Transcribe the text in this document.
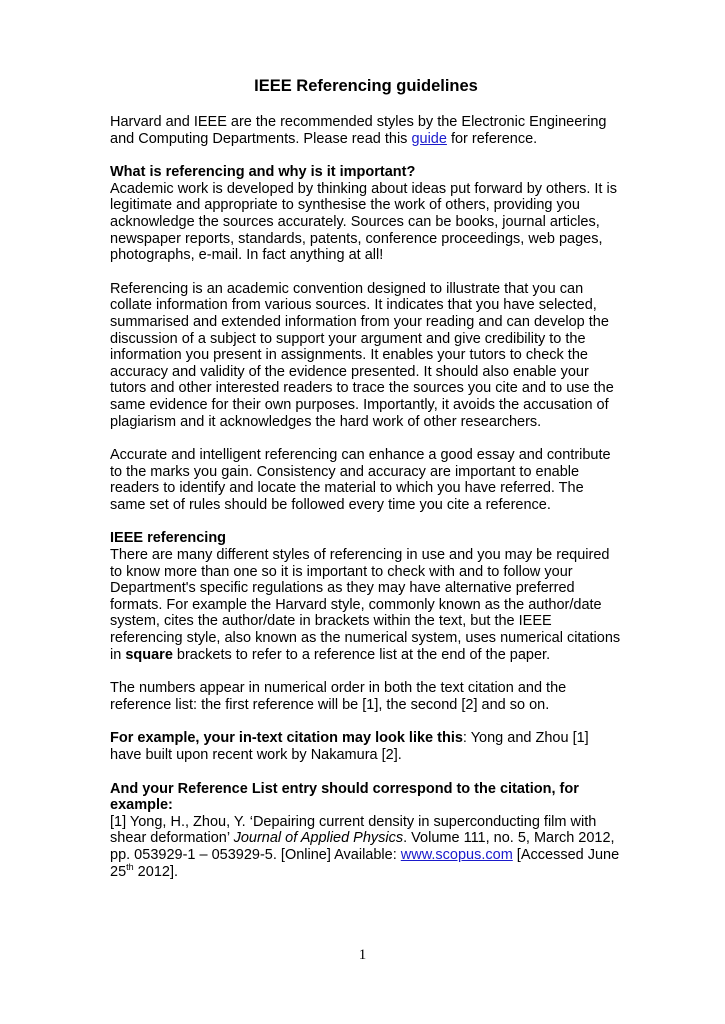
IEEE Referencing guidelines

Harvard and IEEE are the recommended styles by the Electronic Engineering and Computing Departments. Please read this guide for reference.

What is referencing and why is it important?
Academic work is developed by thinking about ideas put forward by others. It is legitimate and appropriate to synthesise the work of others, providing you acknowledge the sources accurately. Sources can be books, journal articles, newspaper reports, standards, patents, conference proceedings, web pages, photographs, e-mail. In fact anything at all!

Referencing is an academic convention designed to illustrate that you can collate information from various sources. It indicates that you have selected, summarised and extended information from your reading and can develop the discussion of a subject to support your argument and give credibility to the information you present in assignments. It enables your tutors to check the accuracy and validity of the evidence presented. It should also enable your tutors and other interested readers to trace the sources you cite and to use the same evidence for their own purposes. Importantly, it avoids the accusation of plagiarism and it acknowledges the hard work of other researchers.

Accurate and intelligent referencing can enhance a good essay and contribute to the marks you gain. Consistency and accuracy are important to enable readers to identify and locate the material to which you have referred. The same set of rules should be followed every time you cite a reference.

IEEE referencing
There are many different styles of referencing in use and you may be required to know more than one so it is important to check with and to follow your Department's specific regulations as they may have alternative preferred formats. For example the Harvard style, commonly known as the author/date system, cites the author/date in brackets within the text, but the IEEE referencing style, also known as the numerical system, uses numerical citations in square brackets to refer to a reference list at the end of the paper.

The numbers appear in numerical order in both the text citation and the reference list: the first reference will be [1], the second [2] and so on.

For example, your in-text citation may look like this: Yong and Zhou [1] have built upon recent work by Nakamura [2].

And your Reference List entry should correspond to the citation, for example:
[1] Yong, H., Zhou, Y. ‘Depairing current density in superconducting film with shear deformation’ Journal of Applied Physics. Volume 111, no. 5, March 2012, pp. 053929-1 – 053929-5. [Online] Available: www.scopus.com [Accessed June 25th 2012].

1
